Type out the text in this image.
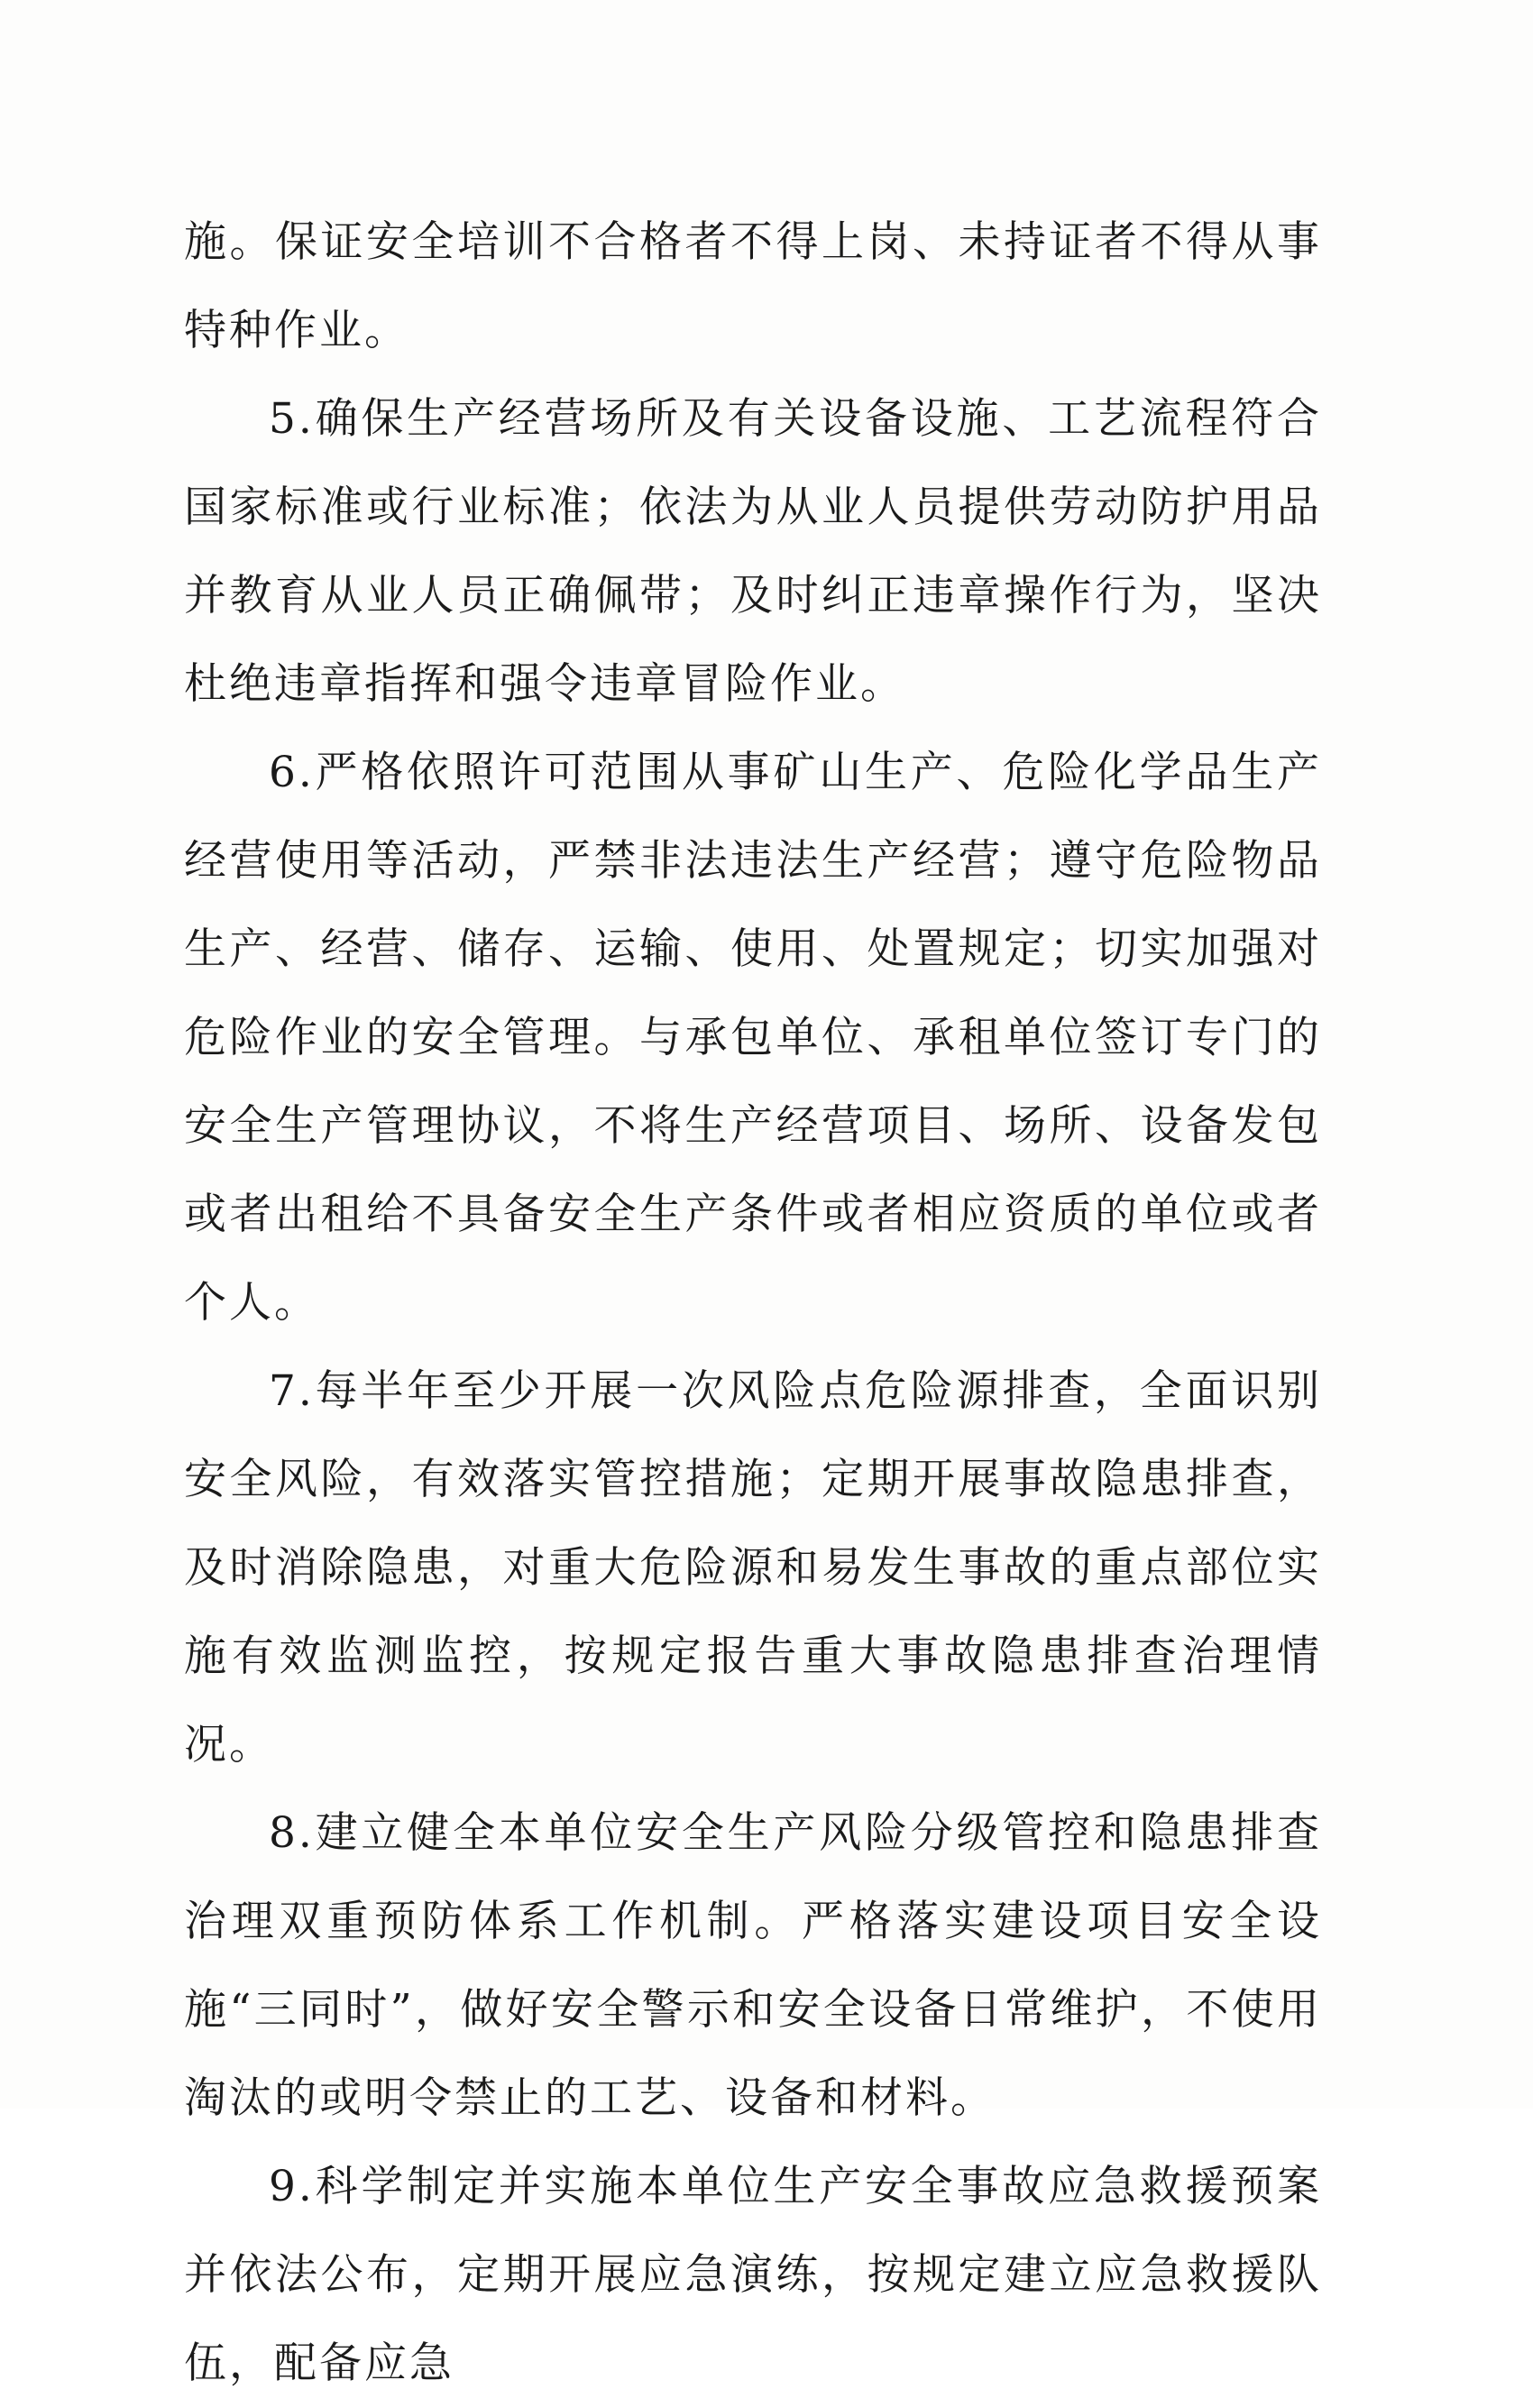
施。保证安全培训不合格者不得上岗、未持证者不得从事特种作业。

5.确保生产经营场所及有关设备设施、工艺流程符合国家标准或行业标准；依法为从业人员提供劳动防护用品并教育从业人员正确佩带；及时纠正违章操作行为，坚决杜绝违章指挥和强令违章冒险作业。

6.严格依照许可范围从事矿山生产、危险化学品生产经营使用等活动，严禁非法违法生产经营；遵守危险物品生产、经营、储存、运输、使用、处置规定；切实加强对危险作业的安全管理。与承包单位、承租单位签订专门的安全生产管理协议，不将生产经营项目、场所、设备发包或者出租给不具备安全生产条件或者相应资质的单位或者个人。

7.每半年至少开展一次风险点危险源排查，全面识别安全风险，有效落实管控措施；定期开展事故隐患排查，及时消除隐患，对重大危险源和易发生事故的重点部位实施有效监测监控，按规定报告重大事故隐患排查治理情况。

8.建立健全本单位安全生产风险分级管控和隐患排查治理双重预防体系工作机制。严格落实建设项目安全设施“三同时”，做好安全警示和安全设备日常维护，不使用淘汰的或明令禁止的工艺、设备和材料。

9.科学制定并实施本单位生产安全事故应急救援预案并依法公布，定期开展应急演练，按规定建立应急救援队伍，配备应急
